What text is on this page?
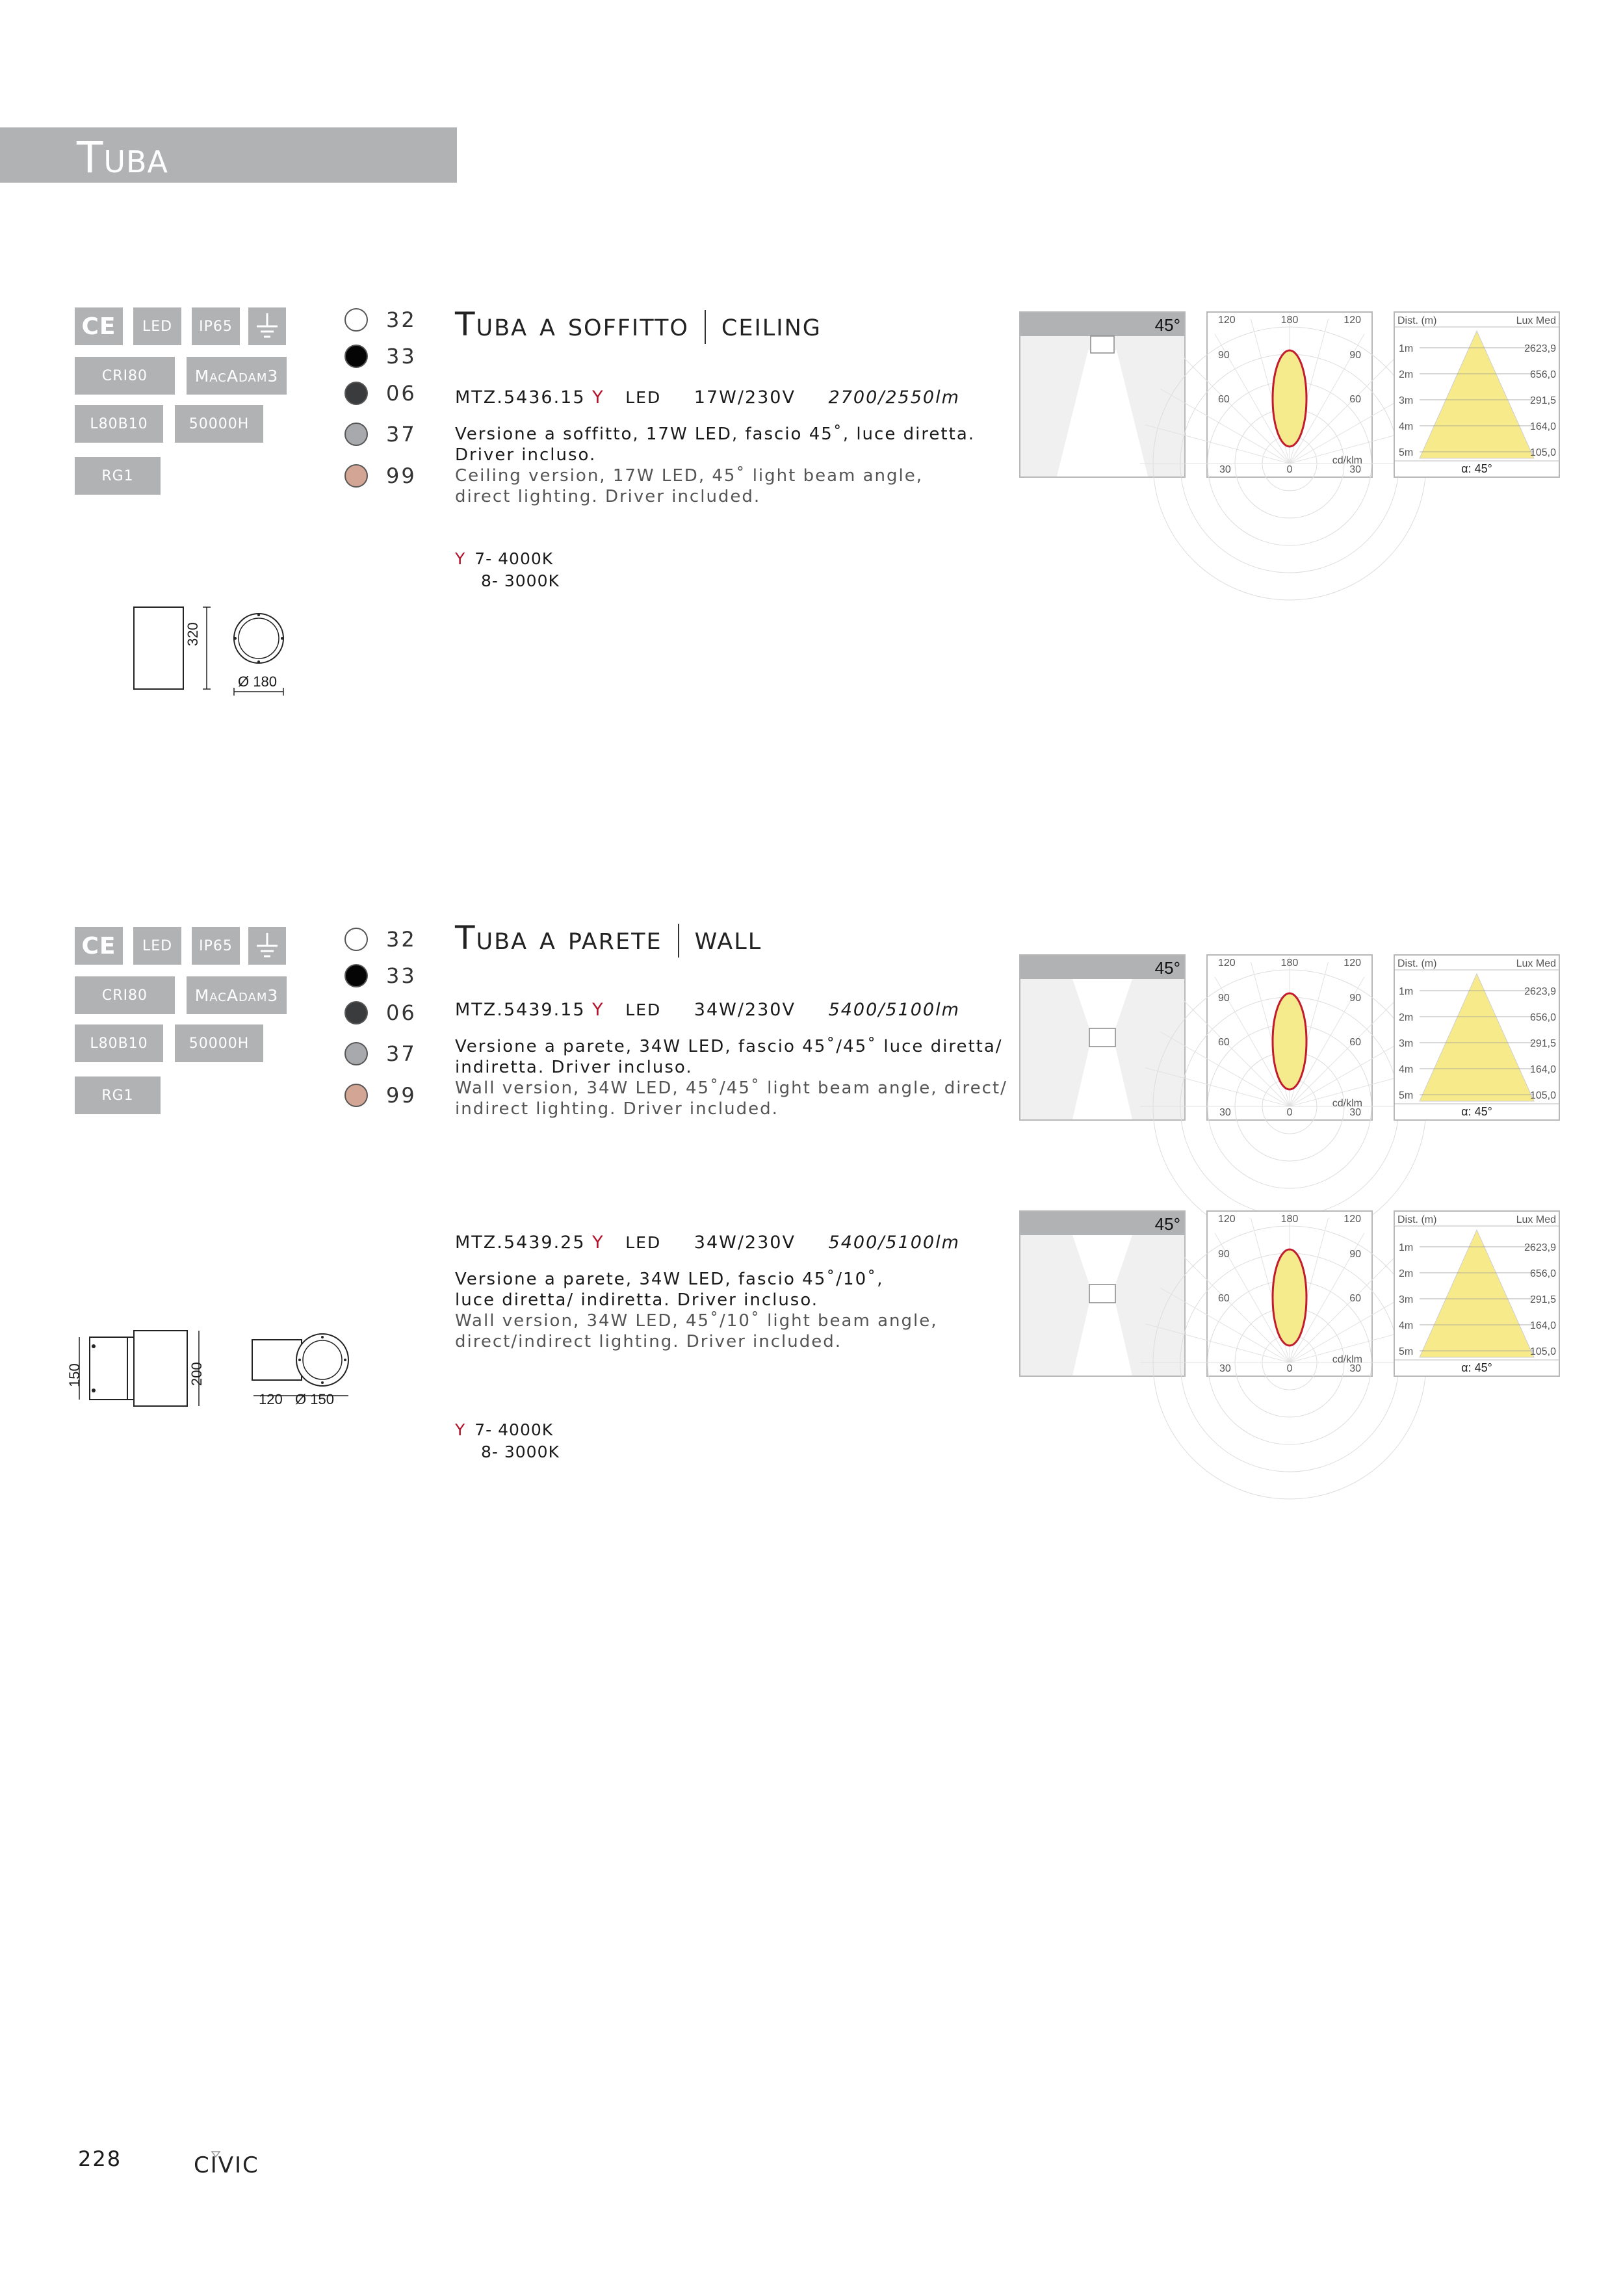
Tuba
CE	LED	IP65
CRI80	MacAdam3
L80B10	50000H
RG1
32
33
06
37
99
Tuba a soffitto ceiling
MTZ.5436.15 Y LED 17W/230V 2700/2550lm
Versione a soffitto, 17W LED, fascio 45˚, luce diretta.
Driver incluso.
Ceiling version, 17W LED, 45˚ light beam angle,
direct lighting. Driver included.
Y 7- 4000K
8- 3000K
320
Ø 180
CE	LED	IP65
CRI80	MacAdam3
L80B10	50000H
RG1
32
33
06
37
99
Tuba a parete wall
MTZ.5439.15 Y LED 34W/230V 5400/5100lm
Versione a parete, 34W LED, fascio 45˚/45˚ luce diretta/
indiretta. Driver incluso.
Wall version, 34W LED, 45˚/45˚ light beam angle, direct/
indirect lighting. Driver included.
MTZ.5439.25 Y LED 34W/230V 5400/5100lm
Versione a parete, 34W LED, fascio 45˚/10˚,
luce diretta/ indiretta. Driver incluso.
Wall version, 34W LED, 45˚/10˚ light beam angle,
direct/indirect lighting. Driver included.
Y 7- 4000K
8- 3000K
150	200
120 Ø 150
45°	120	180	120
90	90
60	60
30	0	30
cd/klm
Dist. (m)	Lux Med
1m	2623,9
2m	656,0
3m	291,5
4m	164,0
5m	105,0
α: 45°
45°	120	180	120
90	90
60	60
30	0	30
cd/klm
Dist. (m)	Lux Med
1m	2623,9
2m	656,0
3m	291,5
4m	164,0
5m	105,0
α: 45°
45°	120	180	120
90	90
60	60
30	0	30
cd/klm
Dist. (m)	Lux Med
1m	2623,9
2m	656,0
3m	291,5
4m	164,0
5m	105,0
α: 45°
228	CIVIC
